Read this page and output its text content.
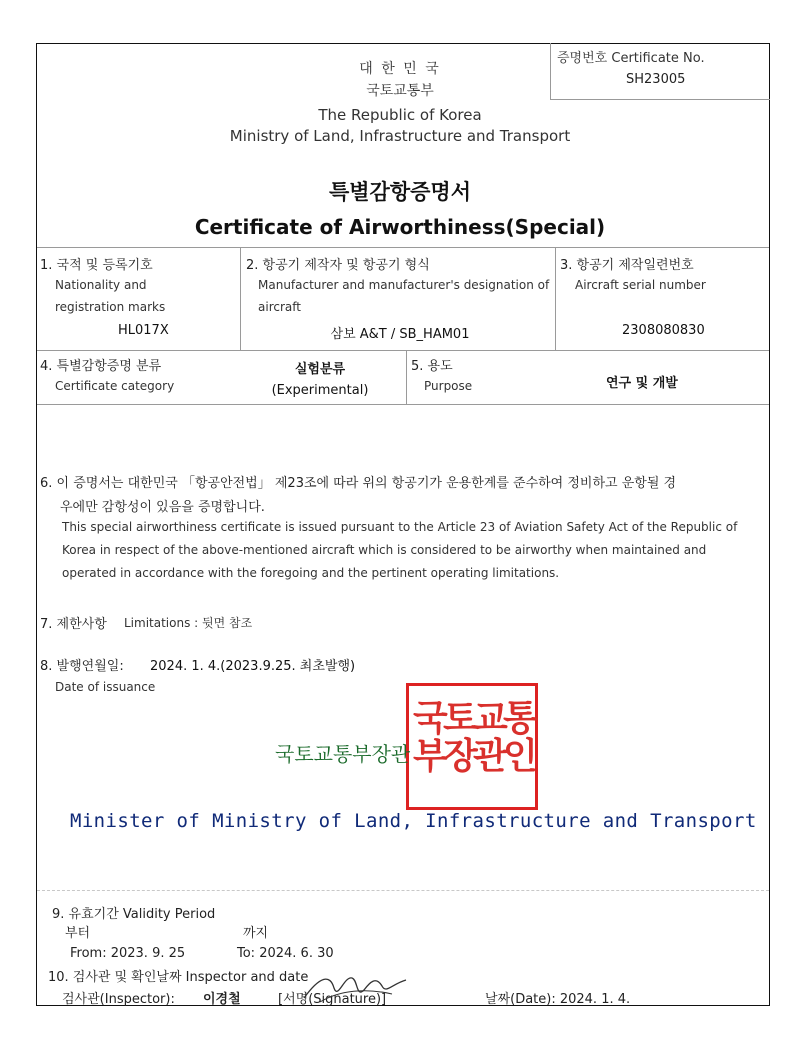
증명번호 Certificate No.
SH23005
대 한 민 국
국토교통부
The Republic of Korea
Ministry of Land, Infrastructure and Transport
특별감항증명서
Certificate of Airworthiness(Special)
1. 국적 및 등록기호
Nationality and
registration marks
HL017X
2. 항공기 제작자 및 항공기 형식
Manufacturer and manufacturer's designation of
aircraft
삼보 A&T / SB_HAM01
3. 항공기 제작일련번호
Aircraft serial number
2308080830
4. 특별감항증명 분류
Certificate category
실험분류
(Experimental)
5. 용도
Purpose	연구 및 개발
6. 이 증명서는 대한민국 「항공안전법」 제23조에 따라 위의 항공기가 운용한계를 준수하여 정비하고 운항될 경
우에만 감항성이 있음을 증명합니다.
This special airworthiness certificate is issued pursuant to the Article 23 of Aviation Safety Act of the Republic of
Korea in respect of the above-mentioned aircraft which is considered to be airworthy when maintained and
operated in accordance with the foregoing and the pertinent operating limitations.
7. 제한사항 Limitations : 뒷면 참조
8. 발행연월일: 2024. 1. 4.(2023.9.25. 최초발행)
Date of issuance
국
토
교
통
부
장
관
인
국토교통부장관
Minister of Ministry of Land, Infrastructure and Transport
9. 유효기간 Validity Period
부터	까지
From: 2023. 9. 25	To: 2024. 6. 30
10. 검사관 및 확인날짜 Inspector and date
검사관(Inspector): 이경철	[서명(Signature)]	날짜(Date): 2024. 1. 4.
